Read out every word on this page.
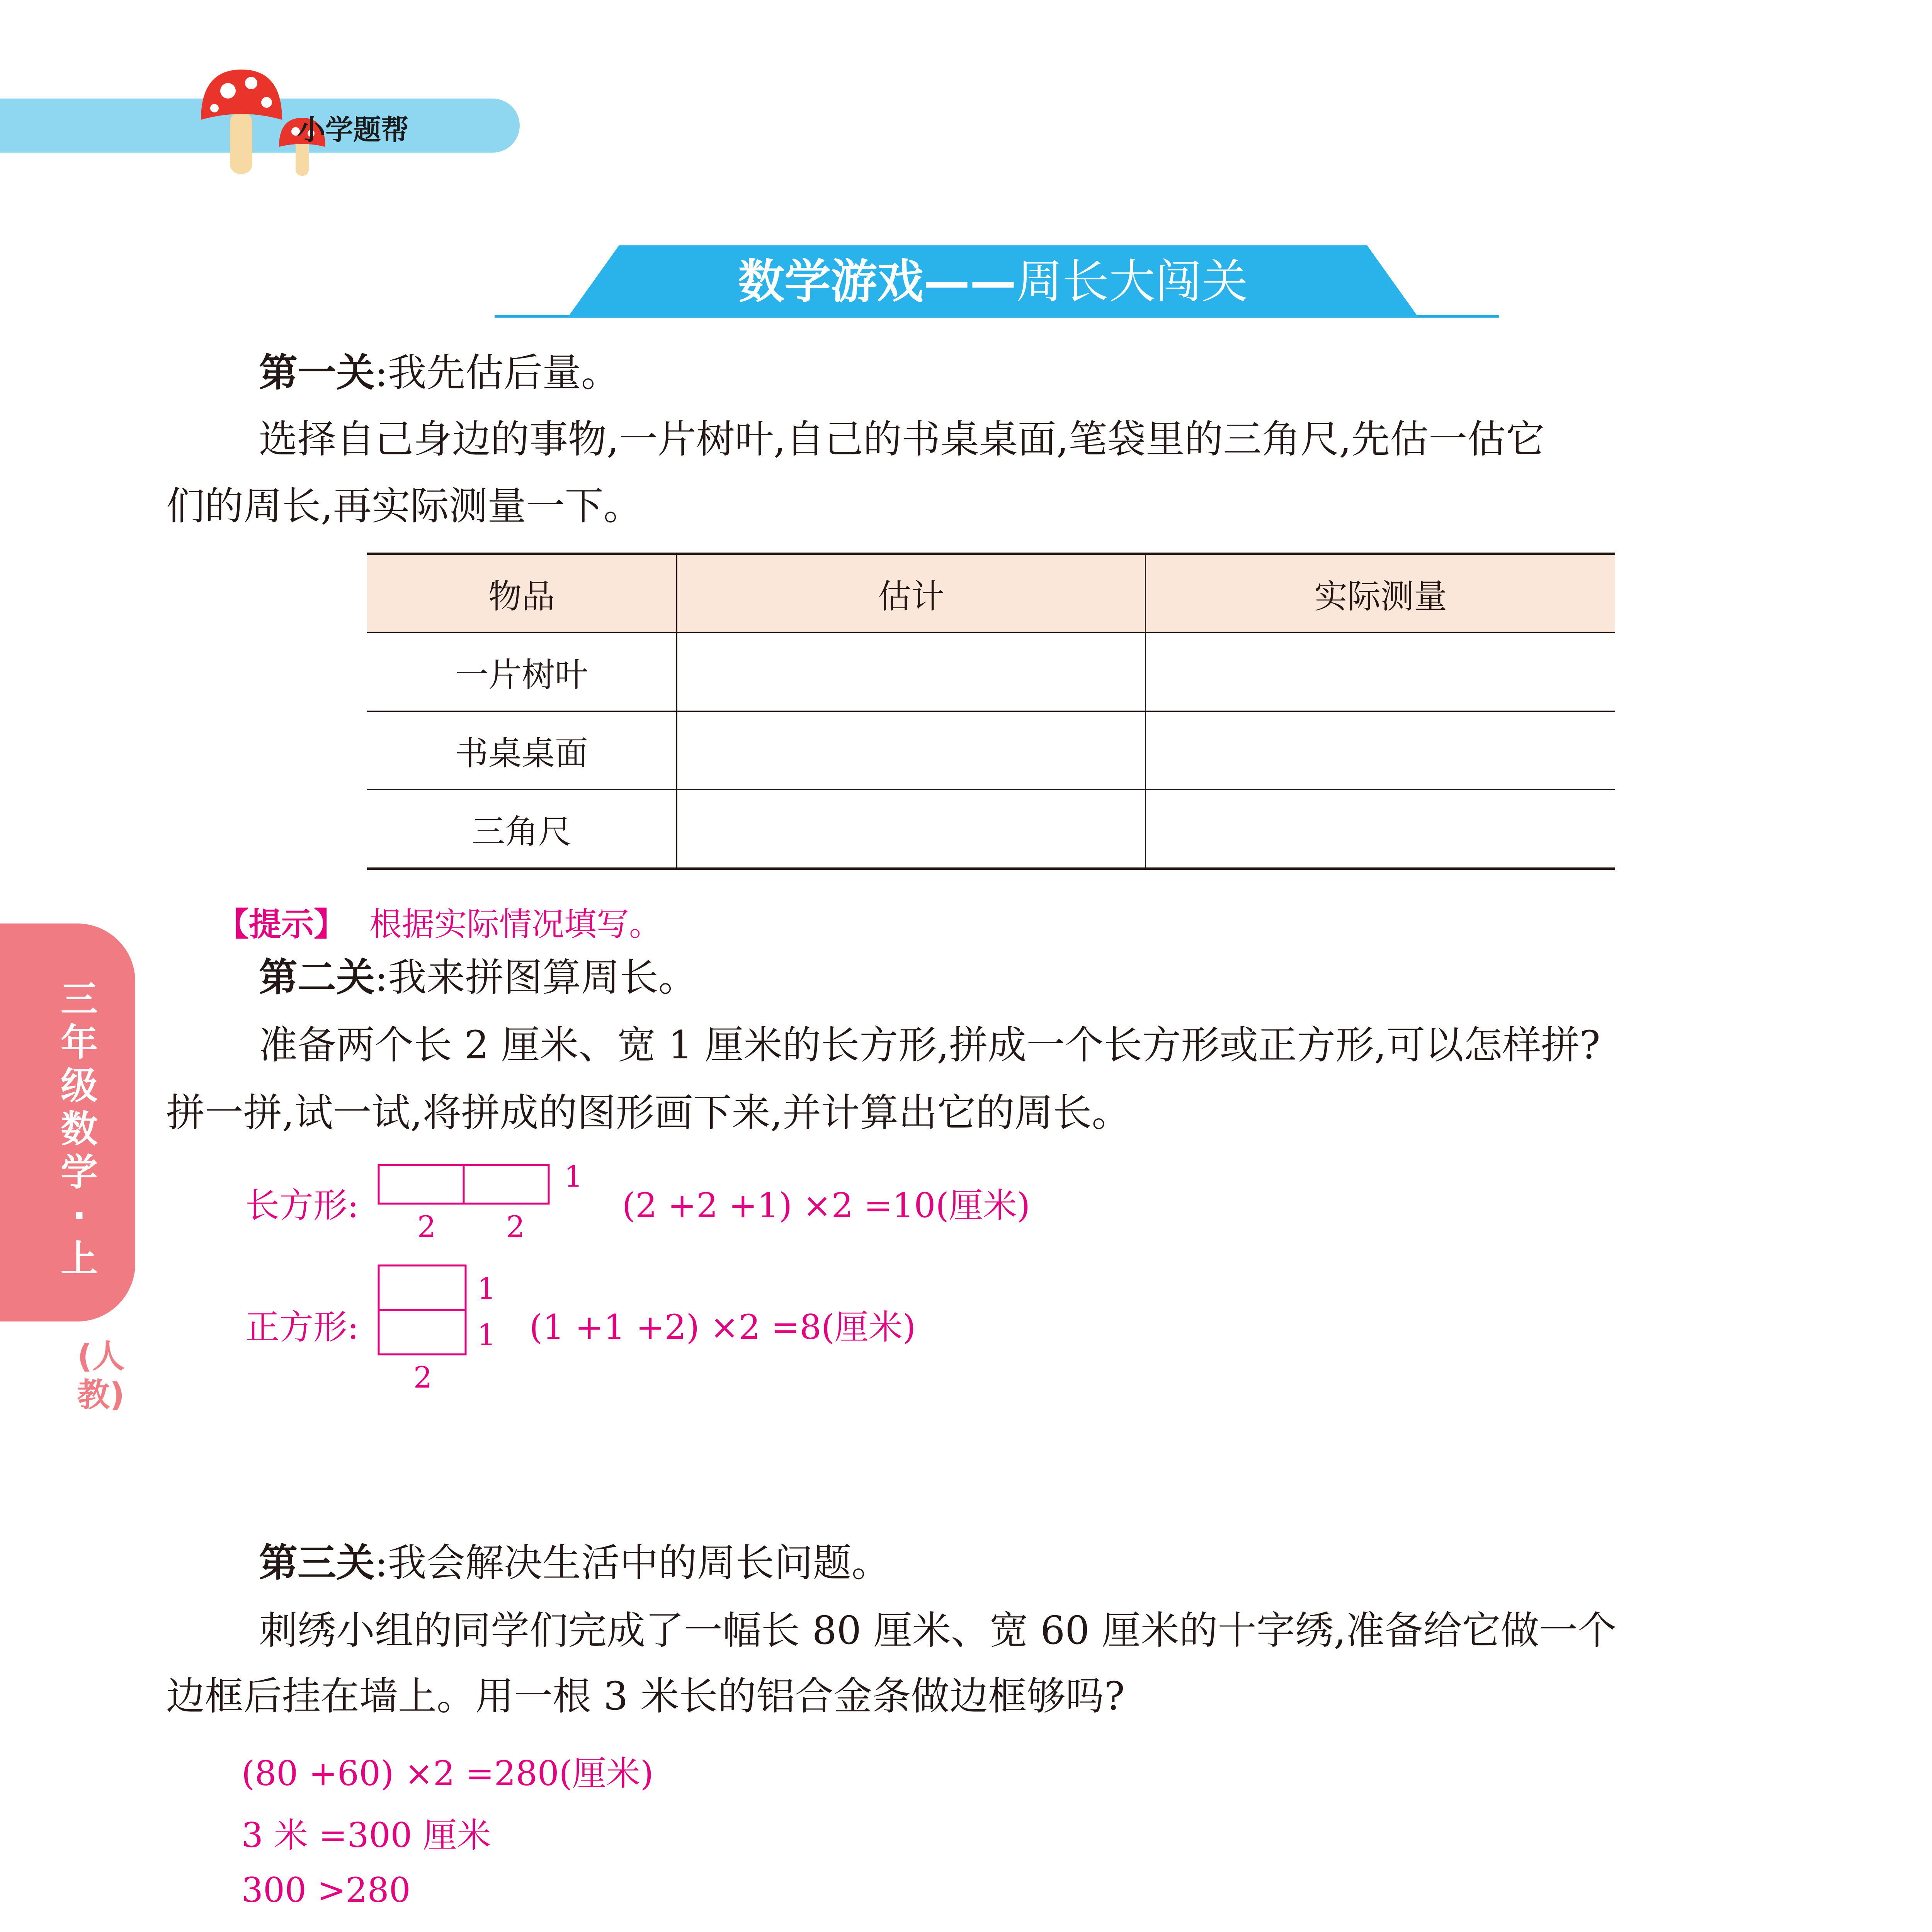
小学题帮
数学游戏——周长大闯关
第一关:我先估后量。
选择自己身边的事物,一片树叶,自己的书桌桌面,笔袋里的三角尺,先估一估它
们的周长,再实际测量一下。
物品	估计	实际测量
一片树叶		
书桌桌面		
三角尺		
【提示】 根据实际情况填写。
三年级数学·上
(人教)
第二关:我来拼图算周长。
准备两个长 2 厘米、宽 1 厘米的长方形,拼成一个长方形或正方形,可以怎样拼?
拼一拼,试一试,将拼成的图形画下来,并计算出它的周长。
长方形:
1
2 2
(2 +2 +1) ×2 =10(厘米)
正方形:
1
1
2
(1 +1 +2) ×2 =8(厘米)
第三关:我会解决生活中的周长问题。
刺绣小组的同学们完成了一幅长 80 厘米、宽 60 厘米的十字绣,准备给它做一个
边框后挂在墙上。用一根 3 米长的铝合金条做边框够吗?
(80 +60) ×2 =280(厘米)
3 米 =300 厘米
300 >280
